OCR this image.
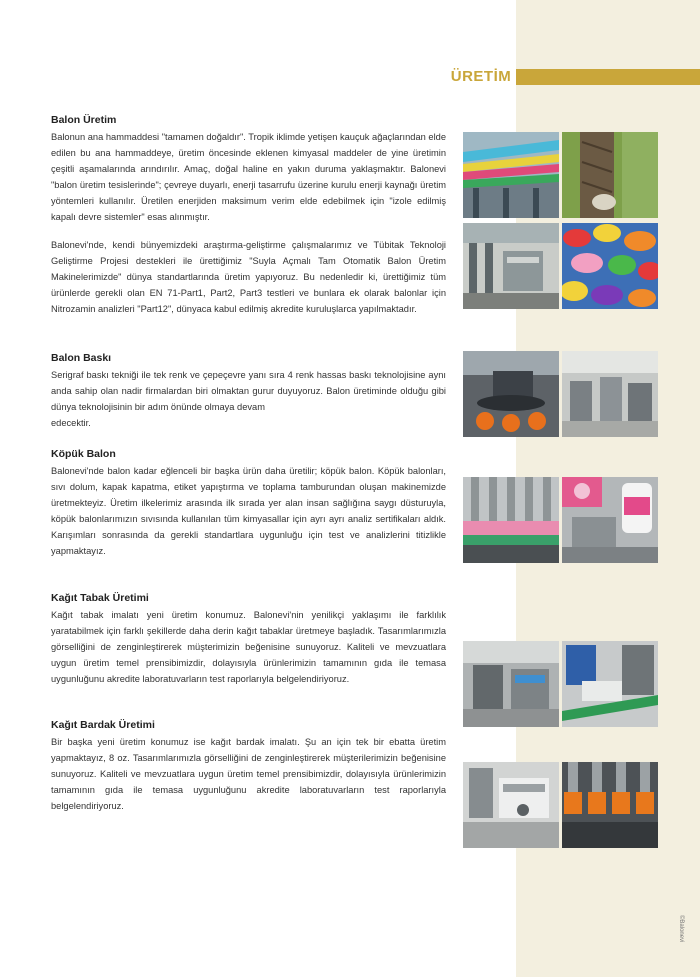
ÜRETİM
Balon Üretim

Balonun ana hammaddesi "tamamen doğaldır". Tropik iklimde yetişen kauçuk ağaçlarından elde edilen bu ana hammaddeye, üretim öncesinde eklenen kimyasal maddeler de yine üretimin çeşitli aşamalarında arındırılır. Amaç, doğal haline en yakın duruma yaklaşmaktır. Balonevi "balon üretim tesislerinde"; çevreye duyarlı, enerji tasarrufu üzerine kurulu enerji kaynağı üretim yöntemleri kullanılır. Üretilen enerjiden maksimum verim elde edebilmek için "izole edilmiş kapalı devre sistemler" esas alınmıştır.

Balonevi'nde, kendi bünyemizdeki araştırma-geliştirme çalışmalarımız ve Tübitak Teknoloji Geliştirme Projesi destekleri ile ürettiğimiz "Suyla Açmalı Tam Otomatik Balon Üretim Makinelerimizde" dünya standartlarında üretim yapıyoruz. Bu nedenledir ki, ürettiğimiz tüm ürünlerde gerekli olan EN 71-Part1, Part2, Part3 testleri ve bunlara ek olarak balonlar için Nitrozamin analizleri "Part12", dünyaca kabul edilmiş akredite kuruluşlarca yapılmaktadır.

Balon Baskı

Serigraf baskı tekniği ile tek renk ve çepeçevre yanı sıra 4 renk hassas baskı teknolojisine aynı anda sahip olan nadir firmalardan biri olmaktan gurur duyuyoruz. Balon üretiminde olduğu gibi dünya teknolojisinin bir adım önünde olmaya devam

edecektir.

Köpük Balon

Balonevi'nde balon kadar eğlenceli bir başka ürün daha üretilir; köpük balon. Köpük balonları, sıvı dolum, kapak kapatma, etiket yapıştırma ve toplama tamburundan oluşan makinemizde üretmekteyiz. Üretim ilkelerimiz arasında ilk sırada yer alan insan sağlığına saygı düsturuyla, köpük balonlarımızın sıvısında kullanılan tüm kimyasallar için ayrı ayrı analiz sertifikaları aldık. Karışımları sonrasında da gerekli standartlara uygunluğu için test ve analizlerini titizlikle yapmaktayız.

Kağıt Tabak Üretimi

Kağıt tabak imalatı yeni üretim konumuz. Balonevi'nin yenilikçi yaklaşımı ile farklılık yaratabilmek için farklı şekillerde daha derin kağıt tabaklar üretmeye başladık. Tasarımlarımızla görselliğini de zenginleştirerek müşterimizin beğenisine sunuyoruz. Kaliteli ve mevzuatlara uygun üretim temel prensibimizdir, dolayısıyla ürünlerimizin tamamının gıda ile temasa uygunluğunu akredite laboratuvarların test raporlarıyla belgelendiriyoruz.

Kağıt Bardak Üretimi

Bir başka yeni üretim konumuz ise kağıt bardak imalatı. Şu an için tek bir ebatta üretim yapmaktayız, 8 oz. Tasarımlarımızla görselliğini de zenginleştirerek müşterilerimizin beğenisine sunuyoruz. Kaliteli ve mevzuatlara uygun üretim temel prensibimizdir, dolayısıyla ürünlerimizin tamamının gıda ile temasa uygunluğunu akredite laboratuvarların test raporlarıyla belgelendiriyoruz.

©Balonevi
